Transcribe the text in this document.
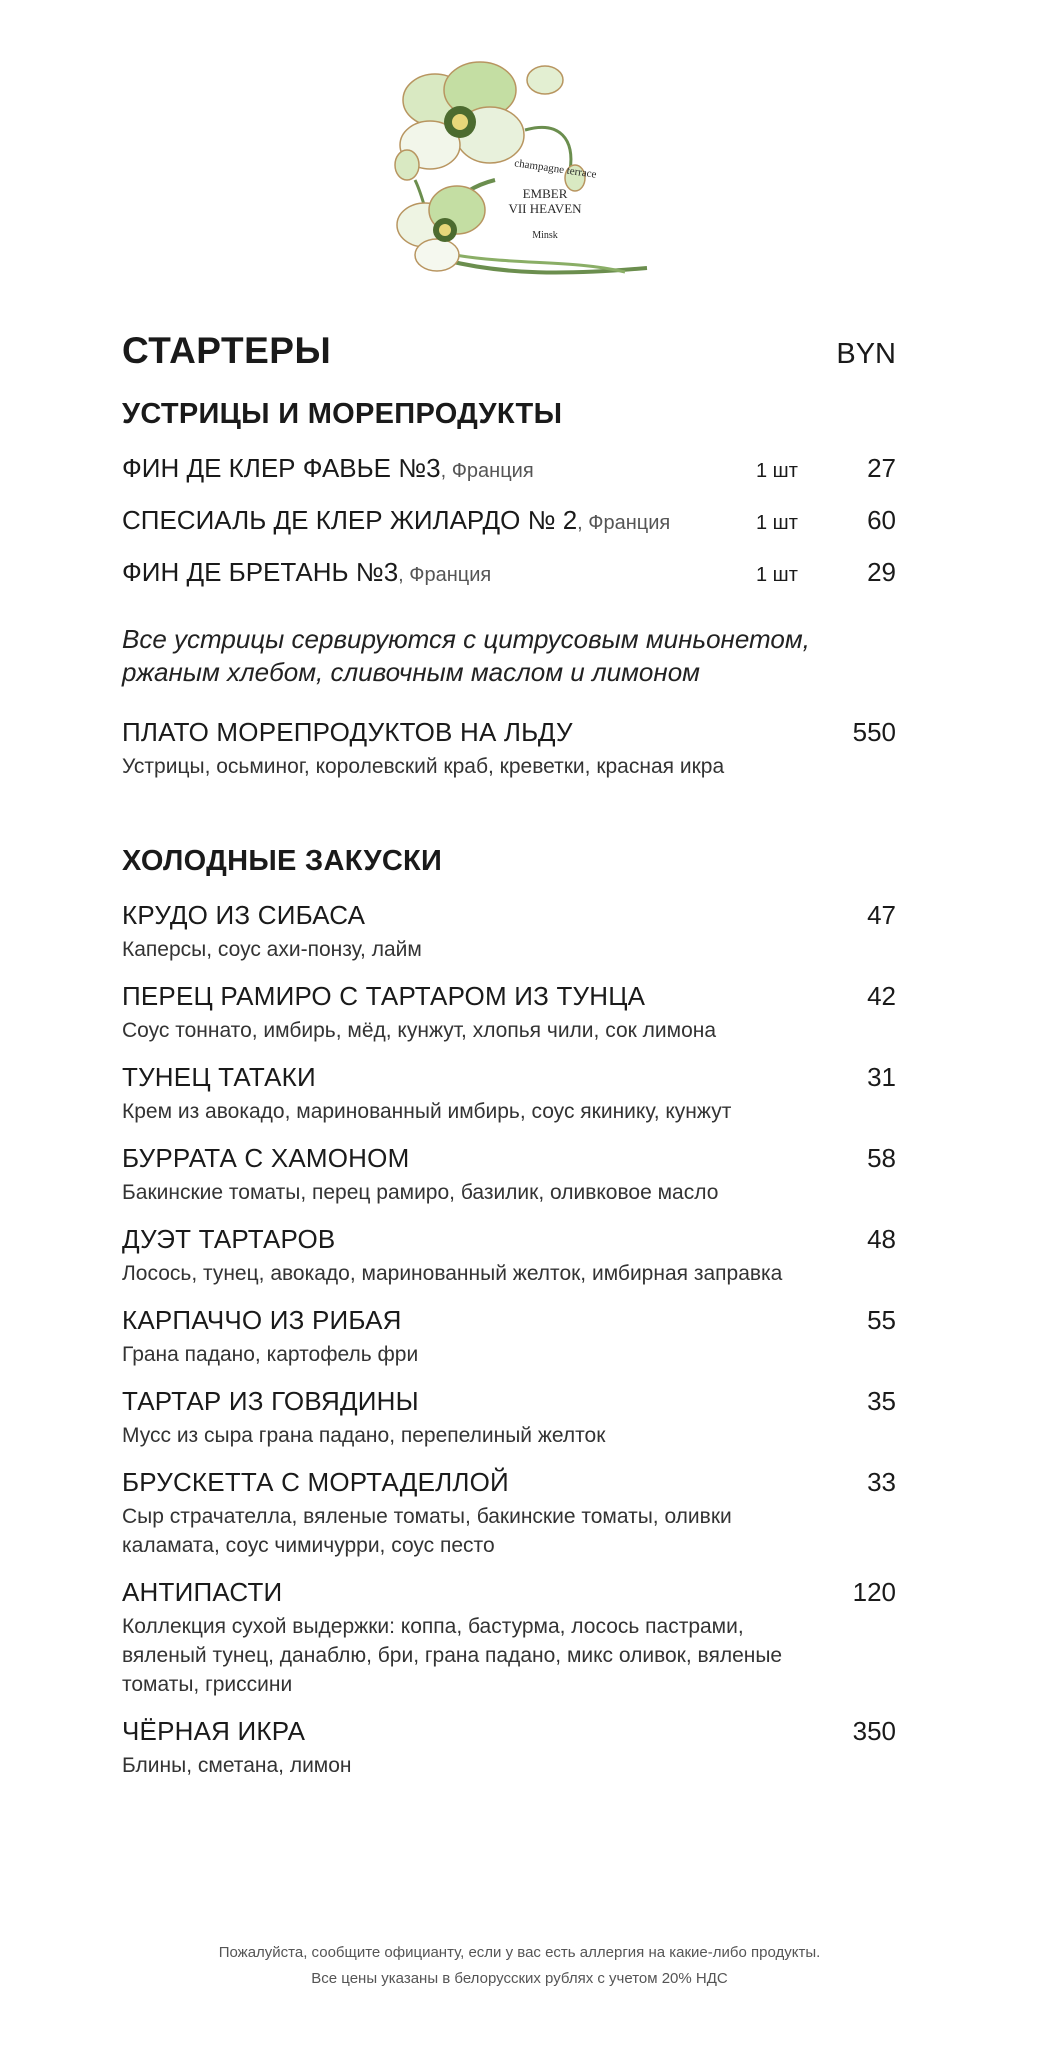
champagne terrace
EMBER
VII HEAVEN
Minsk
СТАРТЕРЫ	BYN
УСТРИЦЫ И МОРЕПРОДУКТЫ
ФИН ДЕ КЛЕР ФАВЬЕ №3, Франция	1 шт	27
СПЕСИАЛЬ ДЕ КЛЕР ЖИЛАРДО № 2, Франция	1 шт	60
ФИН ДЕ БРЕТАНЬ №3, Франция	1 шт	29
Все устрицы сервируются с цитрусовым миньонетом, ржаным хлебом, сливочным маслом и лимоном
ПЛАТО МОРЕПРОДУКТОВ НА ЛЬДУ	550
Устрицы, осьминог, королевский краб, креветки, красная икра
ХОЛОДНЫЕ ЗАКУСКИ
КРУДО ИЗ СИБАСА	47
Каперсы, соус ахи-понзу, лайм
ПЕРЕЦ РАМИРО С ТАРТАРОМ ИЗ ТУНЦА	42
Соус тоннато, имбирь, мёд, кунжут, хлопья чили, сок лимона
ТУНЕЦ ТАТАКИ	31
Крем из авокадо, маринованный имбирь, соус якинику, кунжут
БУРРАТА С ХАМОНОМ	58
Бакинские томаты, перец рамиро, базилик, оливковое масло
ДУЭТ ТАРТАРОВ	48
Лосось, тунец, авокадо, маринованный желток, имбирная заправка
КАРПАЧЧО ИЗ РИБАЯ	55
Грана падано, картофель фри
ТАРТАР ИЗ ГОВЯДИНЫ	35
Мусс из сыра грана падано, перепелиный желток
БРУСКЕТТА С МОРТАДЕЛЛОЙ	33
Сыр страчателла, вяленые томаты, бакинские томаты, оливки каламата, соус чимичурри, соус песто
АНТИПАСТИ	120
Коллекция сухой выдержки: коппа, бастурма, лосось пастрами, вяленый тунец, данаблю, бри, грана падано, микс оливок, вяленые томаты, гриссини
ЧЁРНАЯ ИКРА	350
Блины, сметана, лимон
Пожалуйста, сообщите официанту, если у вас есть аллергия на какие-либо продукты.
Все цены указаны в белорусских рублях с учетом 20% НДС
